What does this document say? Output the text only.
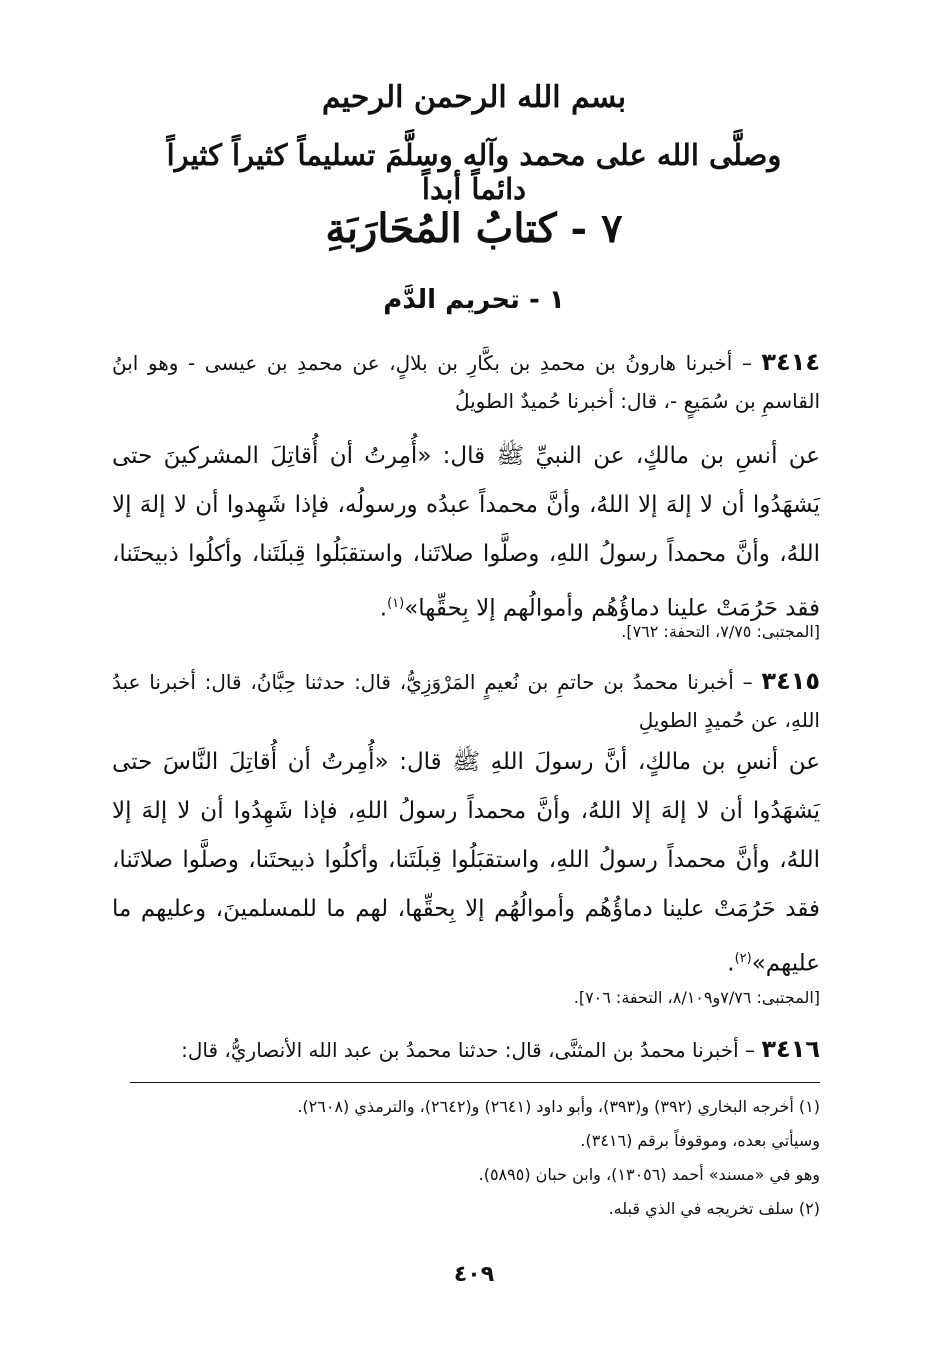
بسم الله الرحمن الرحيم
وصلَّى الله على محمد وآله وسلَّمَ تسليماً كثيراً كثيراً دائماً أبداً
٧ - كتابُ المُحَارَبَةِ
١ - تحريم الدَّم
٣٤١٤ – أخبرنا هارونُ بن محمدِ بن بكَّارِ بن بلالٍ، عن محمدِ بن عيسى - وهو ابنُ القاسمِ بن سُمَيعٍ -، قال: أخبرنا حُميدٌ الطويلُ
عن أنسِ بن مالكٍ، عن النبيِّ ﷺ قال: «أُمِرتُ أن أُقاتِلَ المشركينَ حتى يَشهَدُوا أن لا إلهَ إلا اللهُ، وأنَّ محمداً عبدُه ورسولُه، فإذا شَهِدوا أن لا إلهَ إلا اللهُ، وأنَّ محمداً رسولُ اللهِ، وصلَّوا صلاتَنا، واستقبَلُوا قِبلَتَنا، وأكلُوا ذبيحتَنا، فقد حَرُمَتْ علينا دماؤُهُم وأموالُهم إلا بِحقِّها»$^{(١)}$.
[المجتبى: ٧/٧٥، التحفة: ٧٦٢].
٣٤١٥ – أخبرنا محمدُ بن حاتمِ بن نُعيمٍ المَرْوَزِيُّ، قال: حدثنا حِبَّانُ، قال: أخبرنا عبدُ اللهِ، عن حُميدٍ الطويلِ
عن أنسِ بن مالكٍ، أنَّ رسولَ اللهِ ﷺ قال: «أُمِرتُ أن أُقاتِلَ النَّاسَ حتى يَشهَدُوا أن لا إلهَ إلا اللهُ، وأنَّ محمداً رسولُ اللهِ، فإذا شَهِدُوا أن لا إلهَ إلا اللهُ، وأنَّ محمداً رسولُ اللهِ، واستقبَلُوا قِبلَتَنا، وأكلُوا ذبيحتَنا، وصلَّوا صلاتَنا، فقد حَرُمَتْ علينا دماؤُهُم وأموالُهُم إلا بِحقِّها، لهم ما للمسلمينَ، وعليهم ما عليهم»$^{(٢)}$.
[المجتبى: ٧/٧٦و٨/١٠٩، التحفة: ٧٠٦].
٣٤١٦ – أخبرنا محمدُ بن المثنَّى، قال: حدثنا محمدُ بن عبد الله الأنصاريُّ، قال:
(١) أخرجه البخاري (٣٩٢) و(٣٩٣)، وأبو داود (٢٦٤١) و(٢٦٤٢)، والترمذي (٢٦٠٨).
وسيأتي بعده، وموقوفاً برقم (٣٤١٦).
وهو في «مسند» أحمد (١٣٠٥٦)، وابن حبان (٥٨٩٥).
(٢) سلف تخريجه في الذي قبله.
٤٠٩
